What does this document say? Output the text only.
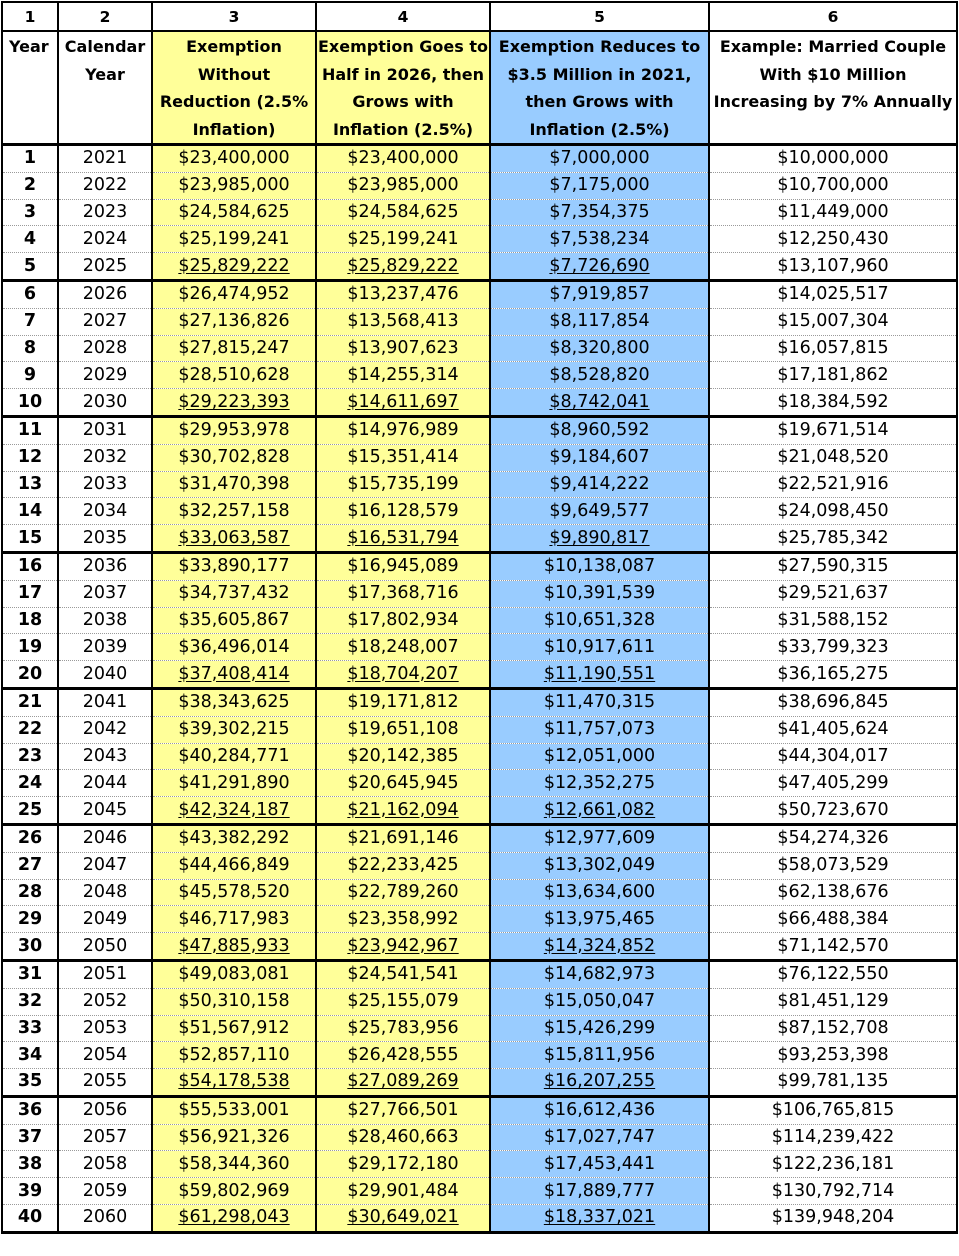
1	2	3	4	5	6
Year	Calendar Year	Exemption Without Reduction (2.5% Inflation)	Exemption Goes to Half in 2026, then Grows with Inflation (2.5%)	Exemption Reduces to $3.5 Million in 2021, then Grows with Inflation (2.5%)	Example: Married Couple With $10 Million Increasing by 7% Annually

1	2021	$23,400,000	$23,400,000	$7,000,000	$10,000,000
2	2022	$23,985,000	$23,985,000	$7,175,000	$10,700,000
3	2023	$24,584,625	$24,584,625	$7,354,375	$11,449,000
4	2024	$25,199,241	$25,199,241	$7,538,234	$12,250,430
5	2025	$25,829,222	$25,829,222	$7,726,690	$13,107,960
6	2026	$26,474,952	$13,237,476	$7,919,857	$14,025,517
7	2027	$27,136,826	$13,568,413	$8,117,854	$15,007,304
8	2028	$27,815,247	$13,907,623	$8,320,800	$16,057,815
9	2029	$28,510,628	$14,255,314	$8,528,820	$17,181,862
10	2030	$29,223,393	$14,611,697	$8,742,041	$18,384,592
11	2031	$29,953,978	$14,976,989	$8,960,592	$19,671,514
12	2032	$30,702,828	$15,351,414	$9,184,607	$21,048,520
13	2033	$31,470,398	$15,735,199	$9,414,222	$22,521,916
14	2034	$32,257,158	$16,128,579	$9,649,577	$24,098,450
15	2035	$33,063,587	$16,531,794	$9,890,817	$25,785,342
16	2036	$33,890,177	$16,945,089	$10,138,087	$27,590,315
17	2037	$34,737,432	$17,368,716	$10,391,539	$29,521,637
18	2038	$35,605,867	$17,802,934	$10,651,328	$31,588,152
19	2039	$36,496,014	$18,248,007	$10,917,611	$33,799,323
20	2040	$37,408,414	$18,704,207	$11,190,551	$36,165,275
21	2041	$38,343,625	$19,171,812	$11,470,315	$38,696,845
22	2042	$39,302,215	$19,651,108	$11,757,073	$41,405,624
23	2043	$40,284,771	$20,142,385	$12,051,000	$44,304,017
24	2044	$41,291,890	$20,645,945	$12,352,275	$47,405,299
25	2045	$42,324,187	$21,162,094	$12,661,082	$50,723,670
26	2046	$43,382,292	$21,691,146	$12,977,609	$54,274,326
27	2047	$44,466,849	$22,233,425	$13,302,049	$58,073,529
28	2048	$45,578,520	$22,789,260	$13,634,600	$62,138,676
29	2049	$46,717,983	$23,358,992	$13,975,465	$66,488,384
30	2050	$47,885,933	$23,942,967	$14,324,852	$71,142,570
31	2051	$49,083,081	$24,541,541	$14,682,973	$76,122,550
32	2052	$50,310,158	$25,155,079	$15,050,047	$81,451,129
33	2053	$51,567,912	$25,783,956	$15,426,299	$87,152,708
34	2054	$52,857,110	$26,428,555	$15,811,956	$93,253,398
35	2055	$54,178,538	$27,089,269	$16,207,255	$99,781,135
36	2056	$55,533,001	$27,766,501	$16,612,436	$106,765,815
37	2057	$56,921,326	$28,460,663	$17,027,747	$114,239,422
38	2058	$58,344,360	$29,172,180	$17,453,441	$122,236,181
39	2059	$59,802,969	$29,901,484	$17,889,777	$130,792,714
40	2060	$61,298,043	$30,649,021	$18,337,021	$139,948,204
